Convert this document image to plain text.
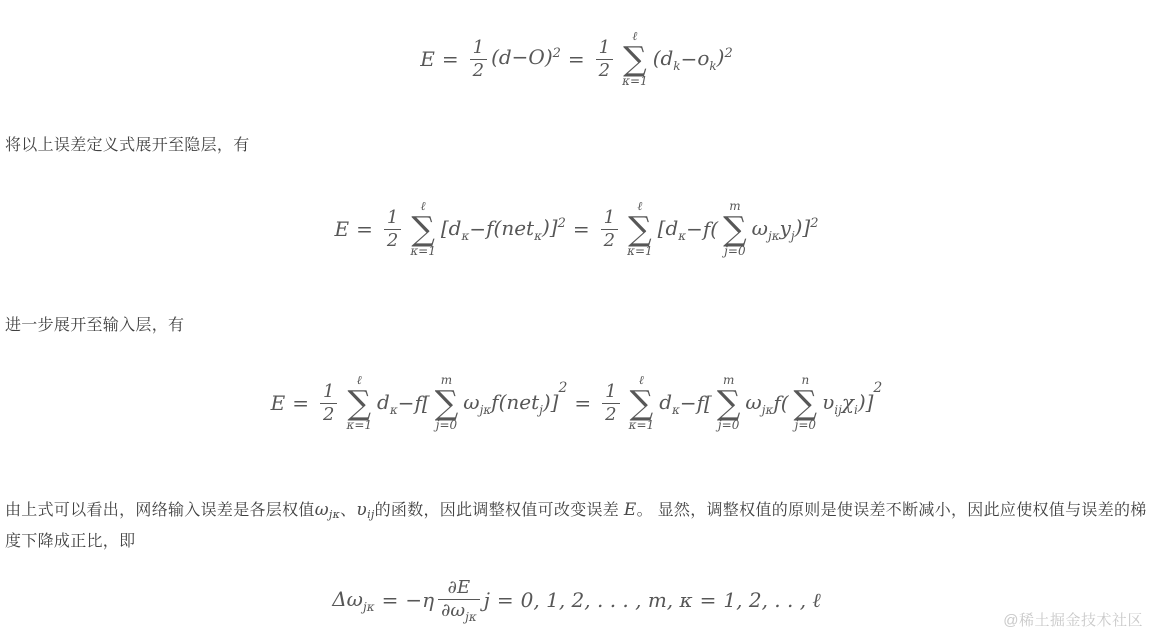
$E = \frac{1}{2} (d-O)^2 = \frac{1}{2}$
ℓ
∑
κ=1
($d_k - o_k$ )$^2$
将以上误差定义式展开至隐层，有
$E = \frac{1}{2}$
ℓ
∑
κ=1
[$d_\kappa - f(net_\kappa$ )]$^2 = \frac{1}{2}$
ℓ
∑
κ=1
[$d_\kappa - f$(
m
∑
j=0
$\omega_{j\kappa}$ $y_j$ )]$^2$
进一步展开至输入层，有
$E = \frac{1}{2}$
ℓ
∑
κ=1
$d_\kappa - f$[
m
∑
j=0
$\omega_{j\kappa}$ f(net$_j$ )]$^2$
= $\frac{1}{2}$
ℓ
∑
κ=1
$d_\kappa - f$[
m
∑
j=0
$\omega_{j\kappa}$ f(
n
∑
j=0
$\upsilon_{ij}$ $\chi_i$ )]$^2$
由上式可以看出，网络输入误差是各层权值$\omega_{j\kappa}$、$\upsilon_{ij}$的函数，因此调整权值可改变误差 E。 显然，调整权值的原则是使误差不断减小，因此应使权值与误差的梯度下降成正比，即
$\Delta\omega_{j\kappa} = -\eta$
∂E
$\partial\omega_{j\kappa}$
j = 0, 1, 2, . . . , m, κ = 1, 2, . . , ℓ
@稀土掘金技术社区
